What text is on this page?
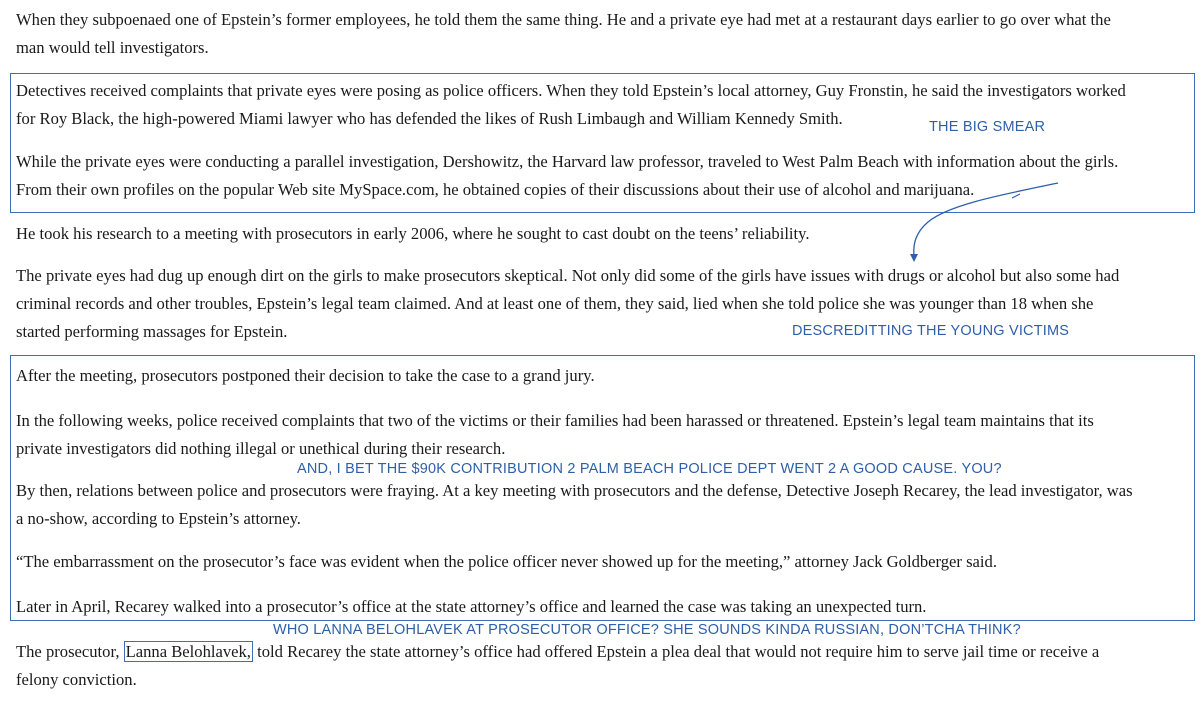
When they subpoenaed one of Epstein’s former employees, he told them the same thing. He and a private eye had met at a restaurant days earlier to go over what the
man would tell investigators.

Detectives received complaints that private eyes were posing as police officers. When they told Epstein’s local attorney, Guy Fronstin, he said the investigators worked
for Roy Black, the high-powered Miami lawyer who has defended the likes of Rush Limbaugh and William Kennedy Smith.

While the private eyes were conducting a parallel investigation, Dershowitz, the Harvard law professor, traveled to West Palm Beach with information about the girls.
From their own profiles on the popular Web site MySpace.com, he obtained copies of their discussions about their use of alcohol and marijuana.

He took his research to a meeting with prosecutors in early 2006, where he sought to cast doubt on the teens’ reliability.

The private eyes had dug up enough dirt on the girls to make prosecutors skeptical. Not only did some of the girls have issues with drugs or alcohol but also some had
criminal records and other troubles, Epstein’s legal team claimed. And at least one of them, they said, lied when she told police she was younger than 18 when she
started performing massages for Epstein.

After the meeting, prosecutors postponed their decision to take the case to a grand jury.

In the following weeks, police received complaints that two of the victims or their families had been harassed or threatened. Epstein’s legal team maintains that its
private investigators did nothing illegal or unethical during their research.

By then, relations between police and prosecutors were fraying. At a key meeting with prosecutors and the defense, Detective Joseph Recarey, the lead investigator, was
a no-show, according to Epstein’s attorney.

“The embarrassment on the prosecutor’s face was evident when the police officer never showed up for the meeting,” attorney Jack Goldberger said.

Later in April, Recarey walked into a prosecutor’s office at the state attorney’s office and learned the case was taking an unexpected turn.

The prosecutor, Lanna Belohlavek, told Recarey the state attorney’s office had offered Epstein a plea deal that would not require him to serve jail time or receive a
felony conviction.

THE BIG SMEAR
DESCREDITTING THE YOUNG VICTIMS
AND, I BET THE $90K CONTRIBUTION 2 PALM BEACH POLICE DEPT WENT 2 A GOOD CAUSE. YOU?
WHO LANNA BELOHLAVEK AT PROSECUTOR OFFICE? SHE SOUNDS KINDA RUSSIAN, DON’TCHA THINK?
